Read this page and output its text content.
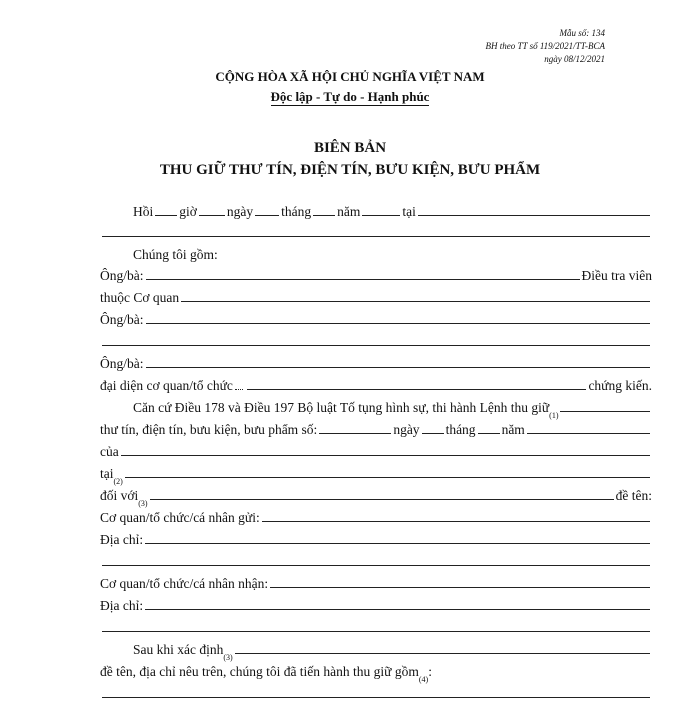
Mẫu số: 134
BH theo TT số 119/2021/TT-BCA
ngày 08/12/2021
CỘNG HÒA XÃ HỘI CHỦ NGHĨA VIỆT NAM
Độc lập - Tự do - Hạnh phúc
BIÊN BẢN
THU GIỮ THƯ TÍN, ĐIỆN TÍN, BƯU KIỆN, BƯU PHẨM
Hồi giờ ngày tháng năm	tại
Chúng tôi gồm:
Ông/bà:	Điều tra viên
thuộc Cơ quan
Ông/bà:
Ông/bà:
đại diện cơ quan/tổ chức	chứng kiến.
Căn cứ Điều 178 và Điều 197 Bộ luật Tố tụng hình sự, thi hành Lệnh thu giữ
(1)
thư tín, điện tín, bưu kiện, bưu phẩm số:	ngày tháng năm
của
tại
(2)
đối với
(3)
đề tên:
Cơ quan/tổ chức/cá nhân gửi:
Địa chỉ:
Cơ quan/tổ chức/cá nhân nhận:
Địa chỉ:
Sau khi xác định
(3)
đề tên, địa chỉ nêu trên, chúng tôi đã tiến hành thu giữ gồm
(4)
:
